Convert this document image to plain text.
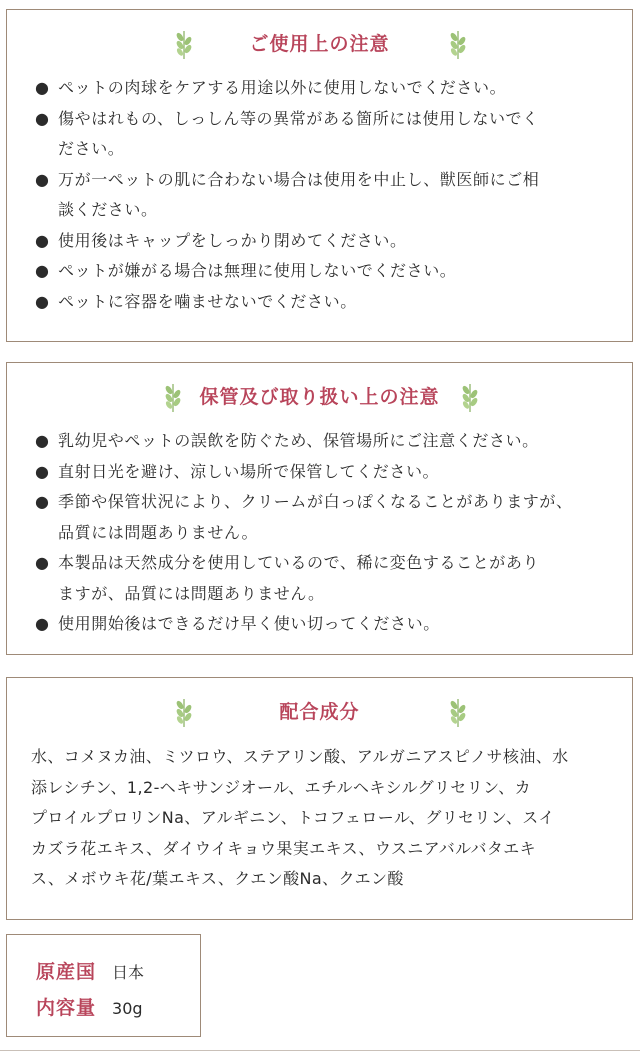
ご使用上の注意
● ペットの肉球をケアする用途以外に使用しないでください。
● 傷やはれもの、しっしん等の異常がある箇所には使用しないでく
ださい。
● 万が一ペットの肌に合わない場合は使用を中止し、獣医師にご相
談ください。
● 使用後はキャップをしっかり閉めてください。
● ペットが嫌がる場合は無理に使用しないでください。
● ペットに容器を噛ませないでください。
保管及び取り扱い上の注意
● 乳幼児やペットの誤飲を防ぐため、保管場所にご注意ください。
● 直射日光を避け、涼しい場所で保管してください。
● 季節や保管状況により、クリームが白っぽくなることがありますが、
品質には問題ありません。
● 本製品は天然成分を使用しているので、稀に変色することがあり
ますが、品質には問題ありません。
● 使用開始後はできるだけ早く使い切ってください。
配合成分
水、コメヌカ油、ミツロウ、ステアリン酸、アルガニアスピノサ核油、水
添レシチン、1,2-ヘキサンジオール、エチルヘキシルグリセリン、カ
プロイルプロリンNa、アルギニン、トコフェロール、グリセリン、スイ
カズラ花エキス、ダイウイキョウ果実エキス、ウスニアバルバタエキ
ス、メボウキ花/葉エキス、クエン酸Na、クエン酸
原産国 日本
内容量 30g
